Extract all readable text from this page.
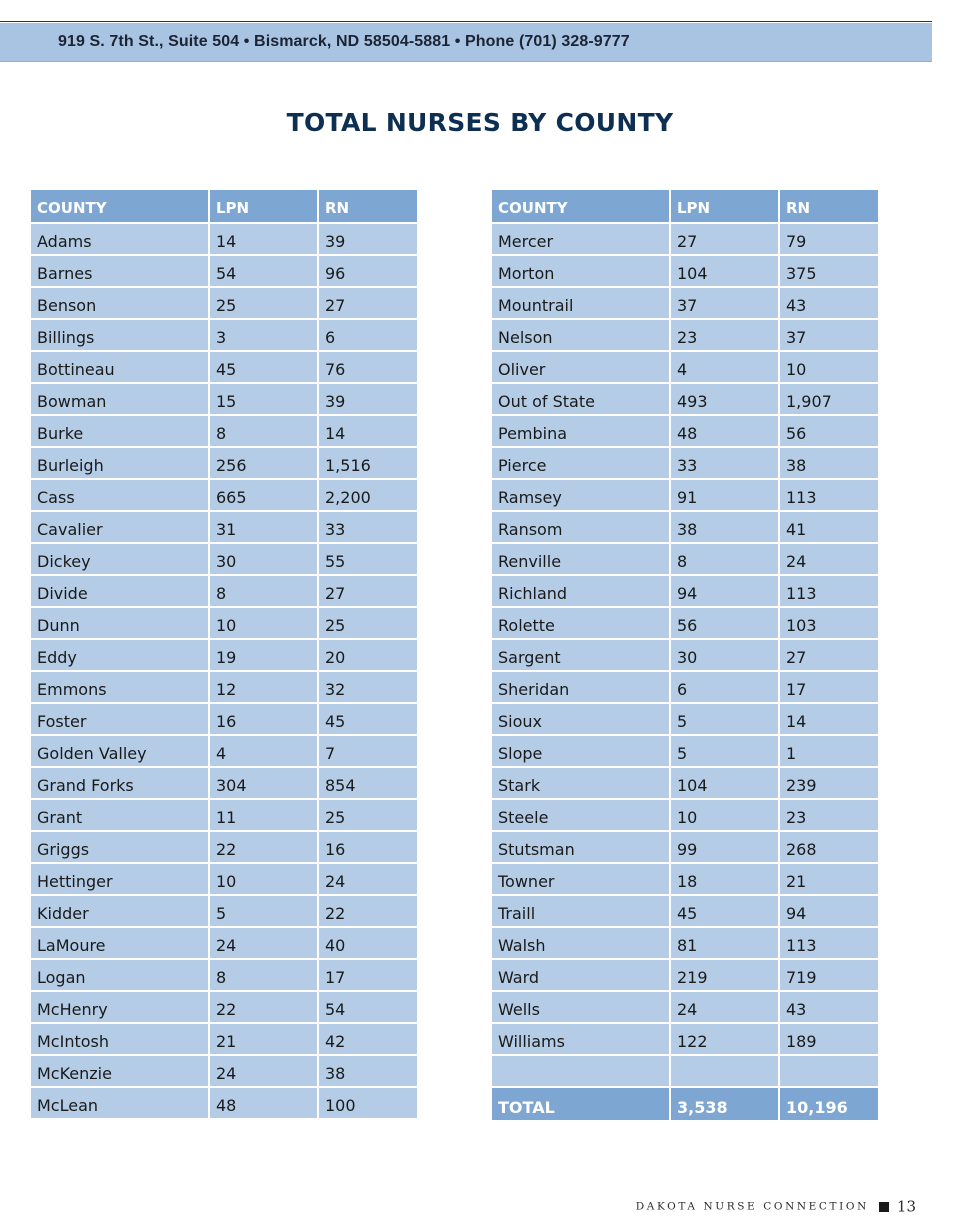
919 S. 7th St., Suite 504 • Bismarck, ND 58504-5881 • Phone (701) 328-9777
TOTAL NURSES BY COUNTY
COUNTY	LPN	RN
Adams	14	39
Barnes	54	96
Benson	25	27
Billings	3	6
Bottineau	45	76
Bowman	15	39
Burke	8	14
Burleigh	256	1,516
Cass	665	2,200
Cavalier	31	33
Dickey	30	55
Divide	8	27
Dunn	10	25
Eddy	19	20
Emmons	12	32
Foster	16	45
Golden Valley	4	7
Grand Forks	304	854
Grant	11	25
Griggs	22	16
Hettinger	10	24
Kidder	5	22
LaMoure	24	40
Logan	8	17
McHenry	22	54
McIntosh	21	42
McKenzie	24	38
McLean	48	100
COUNTY	LPN	RN
Mercer	27	79
Morton	104	375
Mountrail	37	43
Nelson	23	37
Oliver	4	10
Out of State	493	1,907
Pembina	48	56
Pierce	33	38
Ramsey	91	113
Ransom	38	41
Renville	8	24
Richland	94	113
Rolette	56	103
Sargent	30	27
Sheridan	6	17
Sioux	5	14
Slope	5	1
Stark	104	239
Steele	10	23
Stutsman	99	268
Towner	18	21
Traill	45	94
Walsh	81	113
Ward	219	719
Wells	24	43
Williams	122	189

TOTAL	3,538	10,196
DAKOTA NURSE CONNECTION 13
